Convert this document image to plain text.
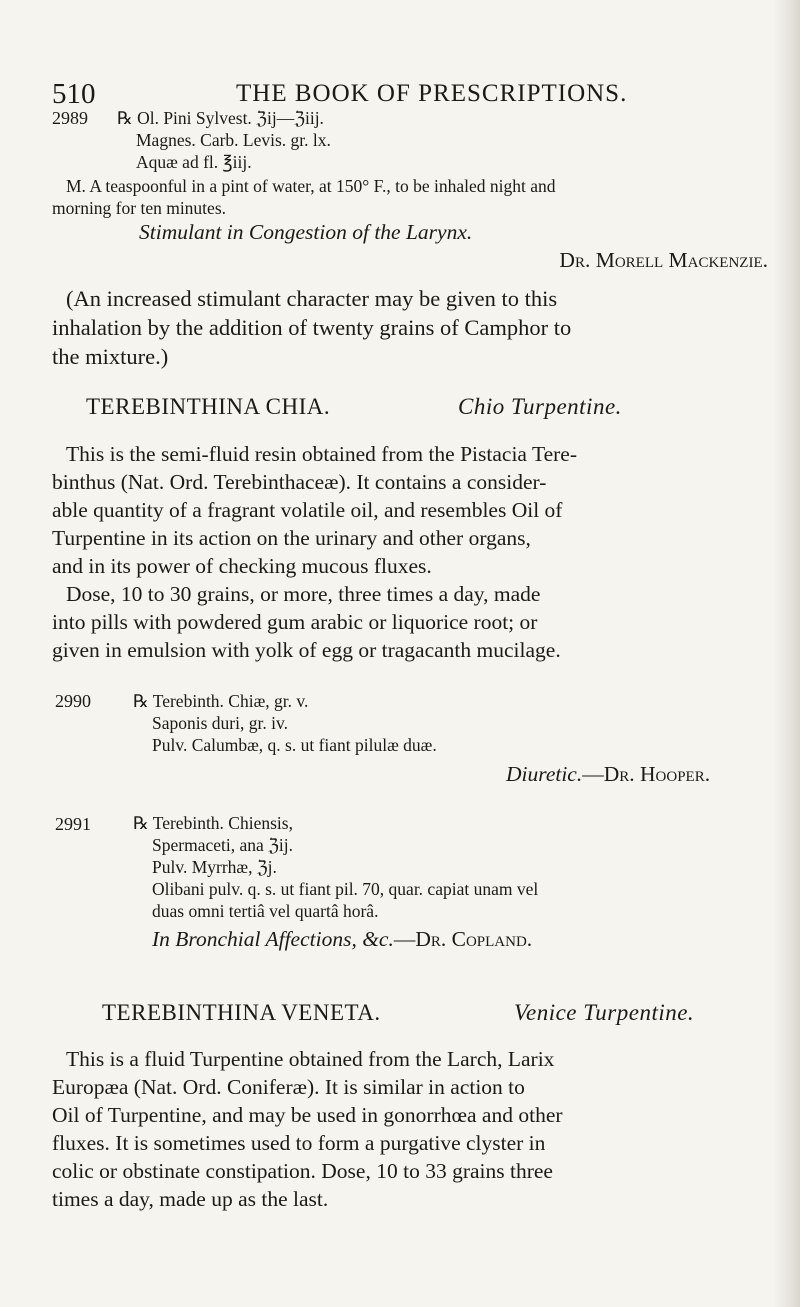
510	THE BOOK OF PRESCRIPTIONS.
2989 ℞ Ol. Pini Sylvest. ℨij—ℨiij.
Magnes. Carb. Levis. gr. lx.
Aquæ ad fl. ℥iij.
M. A teaspoonful in a pint of water, at 150° F., to be inhaled night and
morning for ten minutes.
Stimulant in Congestion of the Larynx.
Dr. Morell Mackenzie.
(An increased stimulant character may be given to this
inhalation by the addition of twenty grains of Camphor to
the mixture.)
TEREBINTHINA CHIA.	Chio Turpentine.
This is the semi-fluid resin obtained from the Pistacia Tere-
binthus (Nat. Ord. Terebinthaceæ). It contains a consider-
able quantity of a fragrant volatile oil, and resembles Oil of
Turpentine in its action on the urinary and other organs,
and in its power of checking mucous fluxes.
Dose, 10 to 30 grains, or more, three times a day, made
into pills with powdered gum arabic or liquorice root; or
given in emulsion with yolk of egg or tragacanth mucilage.
2990 ℞ Terebinth. Chiæ, gr. v.
Saponis duri, gr. iv.
Pulv. Calumbæ, q. s. ut fiant pilulæ duæ.
Diuretic.—Dr. Hooper.
2991 ℞ Terebinth. Chiensis,
Spermaceti, ana ℨij.
Pulv. Myrrhæ, ℨj.
Olibani pulv. q. s. ut fiant pil. 70, quar. capiat unam vel
duas omni tertiâ vel quartâ horâ.
In Bronchial Affections, &c.—Dr. Copland.
TEREBINTHINA VENETA.	Venice Turpentine.
This is a fluid Turpentine obtained from the Larch, Larix
Europæa (Nat. Ord. Coniferæ). It is similar in action to
Oil of Turpentine, and may be used in gonorrhœa and other
fluxes. It is sometimes used to form a purgative clyster in
colic or obstinate constipation. Dose, 10 to 33 grains three
times a day, made up as the last.
